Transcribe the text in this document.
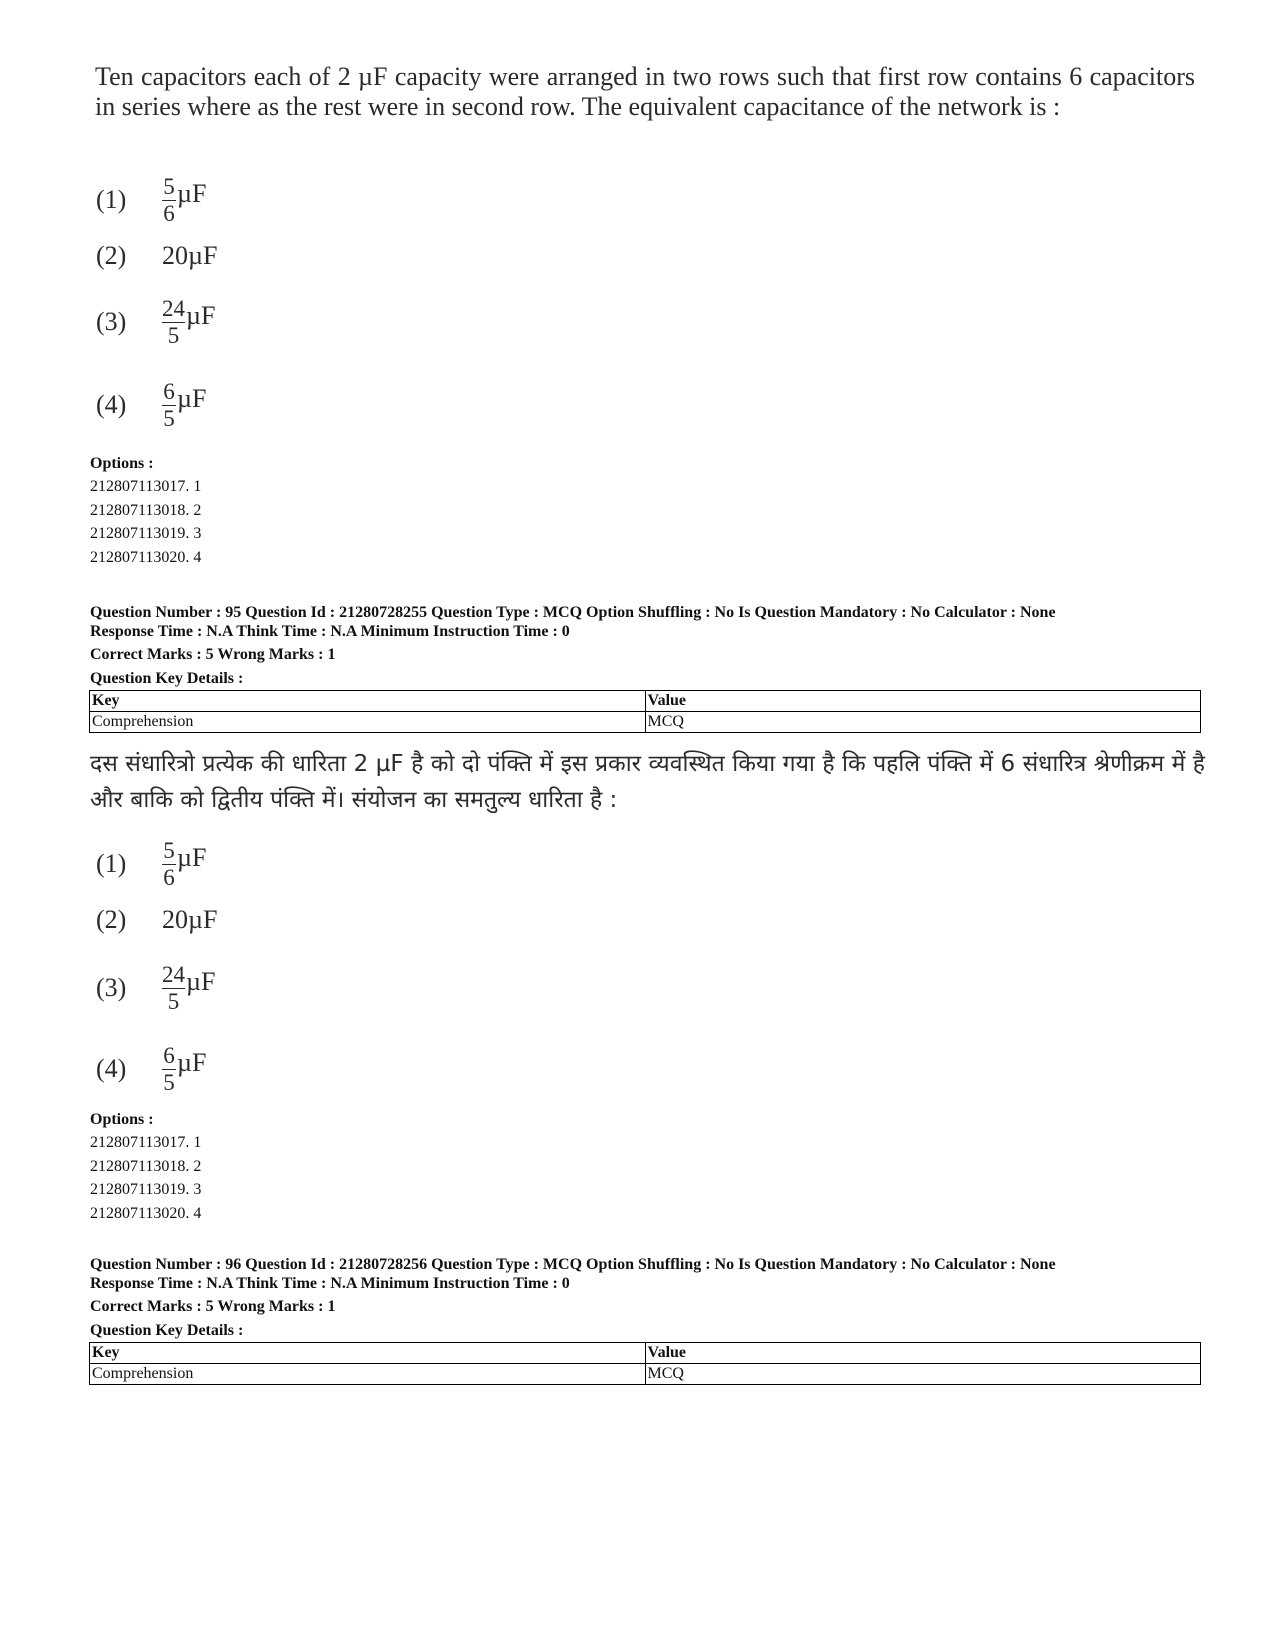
Ten capacitors each of 2 µF capacity were arranged in two rows such that first row contains 6 capacitors in series where as the rest were in second row. The equivalent capacitance of the network is :
(1)	$\frac{5}{6}$ µF
(2)	20µF
(3)	$\frac{24}{5}$ µF
(4)	$\frac{6}{5}$ µF
Options :
212807113017. 1
212807113018. 2
212807113019. 3
212807113020. 4
Question Number : 95 Question Id : 21280728255 Question Type : MCQ Option Shuffling : No Is Question Mandatory : No Calculator : None
Response Time : N.A Think Time : N.A Minimum Instruction Time : 0
Correct Marks : 5 Wrong Marks : 1
Question Key Details :
Key	Value
Comprehension	MCQ
दस संधारित्रो प्रत्येक की धारिता 2 µF है को दो पंक्ति में इस प्रकार व्यवस्थित किया गया है कि पहलि पंक्ति में 6 संधारित्र श्रेणीक्रम में है और बाकि को द्वितीय पंक्ति में। संयोजन का समतुल्य धारिता है :
(1)	$\frac{5}{6}$ µF
(2)	20µF
(3)	$\frac{24}{5}$ µF
(4)	$\frac{6}{5}$ µF
Options :
212807113017. 1
212807113018. 2
212807113019. 3
212807113020. 4
Question Number : 96 Question Id : 21280728256 Question Type : MCQ Option Shuffling : No Is Question Mandatory : No Calculator : None
Response Time : N.A Think Time : N.A Minimum Instruction Time : 0
Correct Marks : 5 Wrong Marks : 1
Question Key Details :
Key	Value
Comprehension	MCQ
